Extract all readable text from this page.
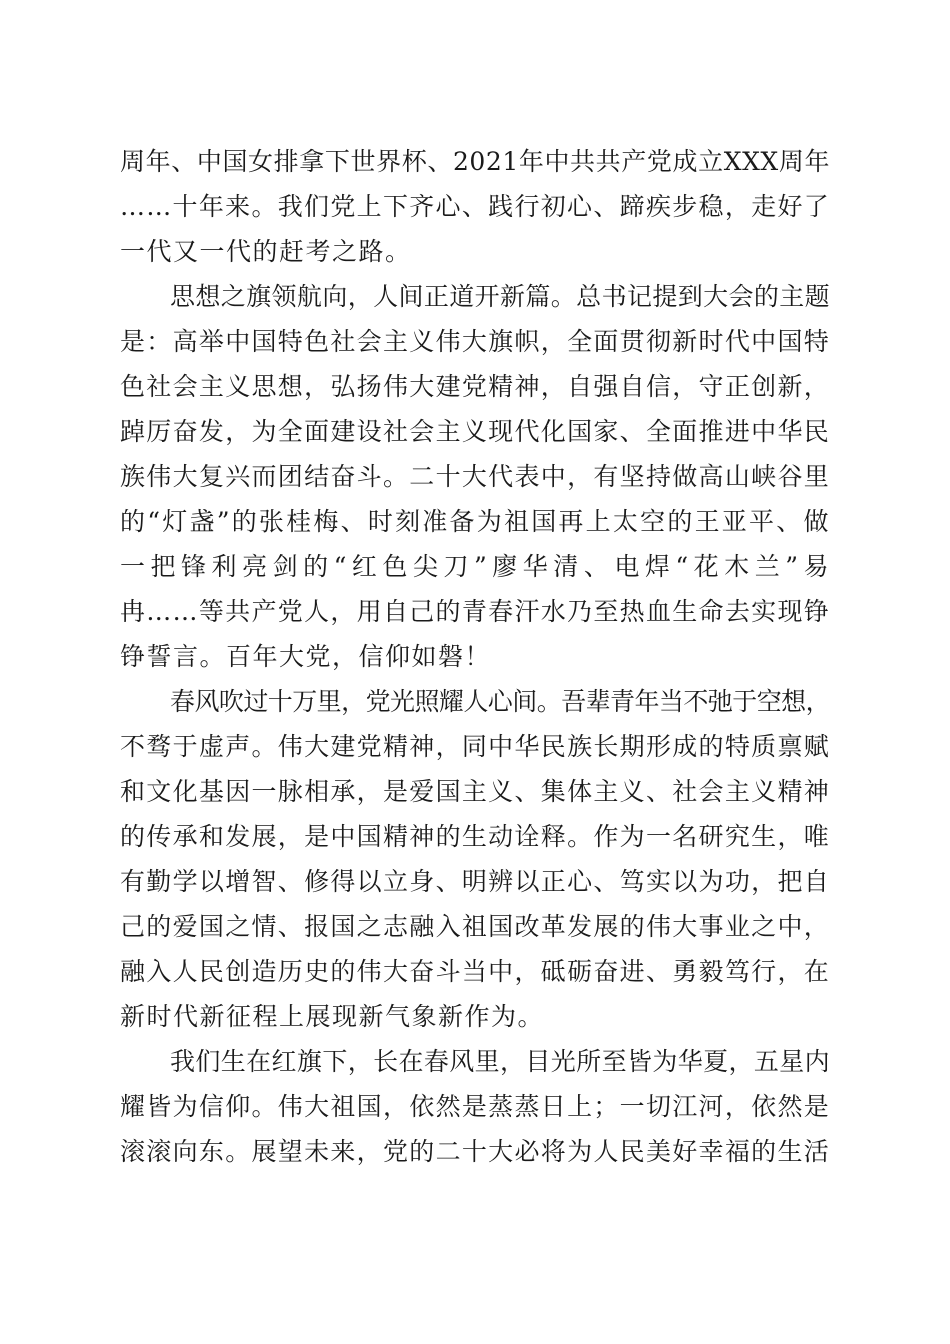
周年、中国女排拿下世界杯、2021年中共共产党成立XXX周年
……十年来。我们党上下齐心、践行初心、蹄疾步稳，走好了
一代又一代的赶考之路。

思想之旗领航向，人间正道开新篇。总书记提到大会的主题
是：高举中国特色社会主义伟大旗帜，全面贯彻新时代中国特
色社会主义思想，弘扬伟大建党精神，自强自信，守正创新，
踔厉奋发，为全面建设社会主义现代化国家、全面推进中华民
族伟大复兴而团结奋斗。二十大代表中，有坚持做高山峡谷里
的“灯盏”的张桂梅、时刻准备为祖国再上太空的王亚平、做
一把锋利亮剑的“红色尖刀”廖华清、电焊“花木兰”易
冉……等共产党人，用自己的青春汗水乃至热血生命去实现铮
铮誓言。百年大党，信仰如磐！

春风吹过十万里，党光照耀人心间。吾辈青年当不弛于空想，
不骛于虚声。伟大建党精神，同中华民族长期形成的特质禀赋
和文化基因一脉相承，是爱国主义、集体主义、社会主义精神
的传承和发展，是中国精神的生动诠释。作为一名研究生，唯
有勤学以增智、修得以立身、明辨以正心、笃实以为功，把自
己的爱国之情、报国之志融入祖国改革发展的伟大事业之中，
融入人民创造历史的伟大奋斗当中，砥砺奋进、勇毅笃行，在
新时代新征程上展现新气象新作为。

我们生在红旗下，长在春风里，目光所至皆为华夏，五星内
耀皆为信仰。伟大祖国，依然是蒸蒸日上；一切江河，依然是
滚滚向东。展望未来，党的二十大必将为人民美好幸福的生活
